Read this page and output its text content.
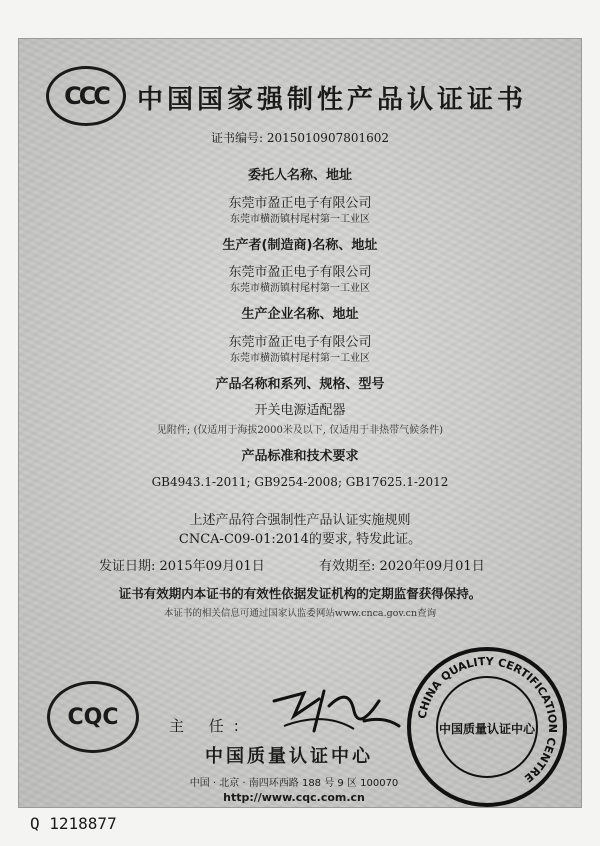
CCC 中国国家强制性产品认证证书
证书编号: 2015010907801602
委托人名称、地址
东莞市盈正电子有限公司
东莞市横沥镇村尾村第一工业区
生产者(制造商)名称、地址
东莞市盈正电子有限公司
东莞市横沥镇村尾村第一工业区
生产企业名称、地址
东莞市盈正电子有限公司
东莞市横沥镇村尾村第一工业区
产品名称和系列、规格、型号
开关电源适配器
见附件; (仅适用于海拔2000米及以下, 仅适用于非热带气候条件)
产品标准和技术要求
GB4943.1-2011; GB9254-2008; GB17625.1-2012
上述产品符合强制性产品认证实施规则
CNCA-C09-01:2014的要求, 特发此证。
发证日期: 2015年09月01日	有效期至: 2020年09月01日
证书有效期内本证书的有效性依据发证机构的定期监督获得保持。
本证书的相关信息可通过国家认监委网站www.cnca.gov.cn查询
CQC	主 任:
中国质量认证中心
中国 · 北京 · 南四环西路 188 号 9 区 100070
http://www.cqc.com.cn
CHINA QUALITY CERTIFICATION CENTRE
中国质量认证中心
Q 1218877
